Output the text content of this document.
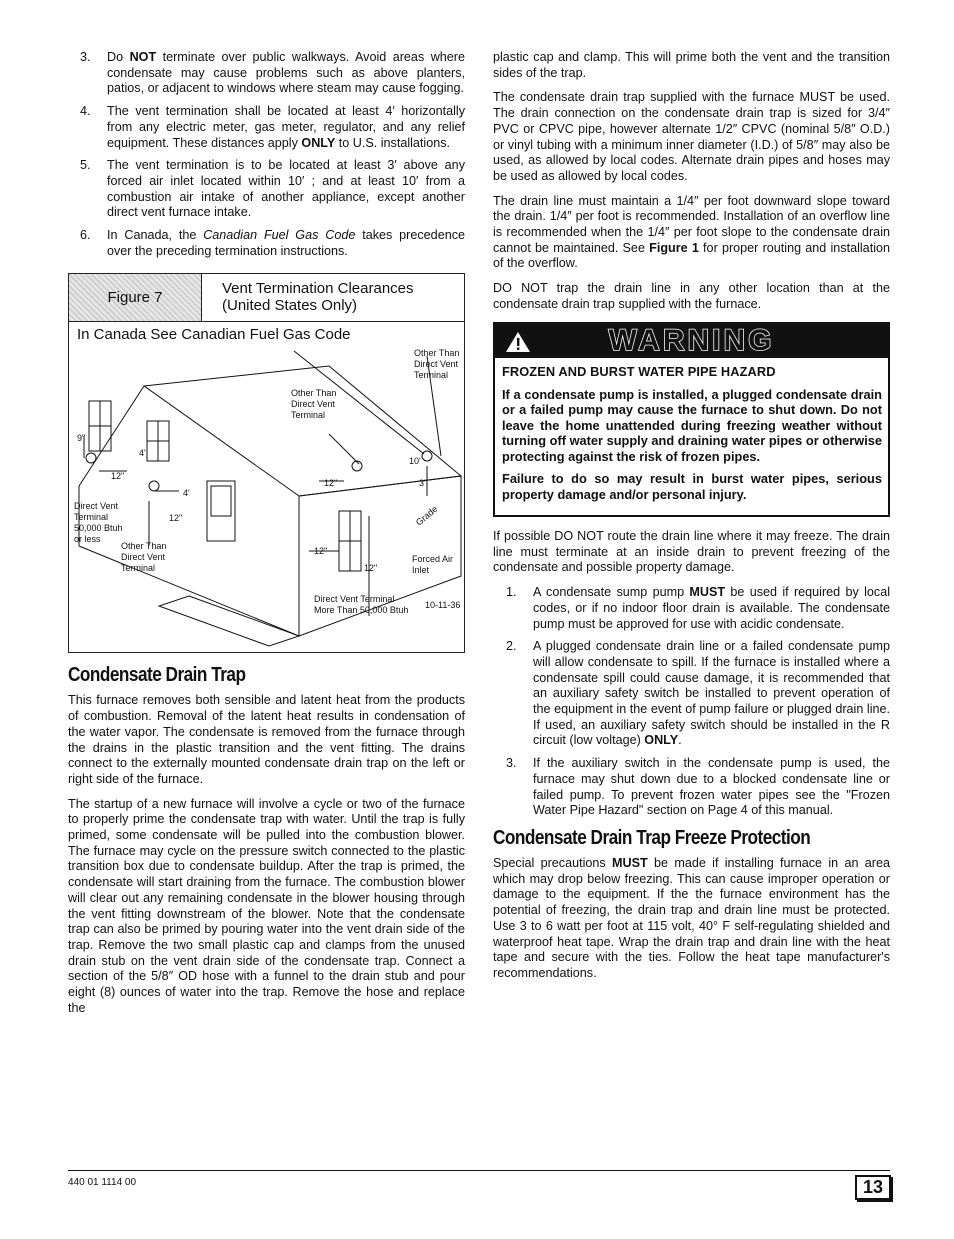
3. Do NOT terminate over public walkways. Avoid areas where condensate may cause problems such as above planters, patios, or adjacent to windows where steam may cause fogging.
4. The vent termination shall be located at least 4′ horizontally from any electric meter, gas meter, regulator, and any relief equipment. These distances apply ONLY to U.S. installations.
5. The vent termination is to be located at least 3′ above any forced air inlet located within 10′ ; and at least 10′ from a combustion air intake of another appliance, except another direct vent furnace intake.
6. In Canada, the Canadian Fuel Gas Code takes precedence over the preceding termination instructions.
Figure 7
Vent Termination Clearances
(United States Only)
In Canada See Canadian Fuel Gas Code
Other Than
Direct Vent
Terminal
Other Than
Direct Vent
Terminal
Direct Vent
Terminal
50,000 Btuh
or less
Other Than
Direct Vent
Terminal
Forced Air
Inlet
Direct Vent Terminal
More Than 50,000 Btuh 10-11-36
Grade
9"
4'
12"
4'
12"
12"
10'
3'
12"
12"
Condensate Drain Trap

This furnace removes both sensible and latent heat from the products of combustion. Removal of the latent heat results in condensation of the water vapor. The condensate is removed from the furnace through the drains in the plastic transition and the vent fitting. The drains connect to the externally mounted condensate drain trap on the left or right side of the furnace.

The startup of a new furnace will involve a cycle or two of the furnace to properly prime the condensate trap with water. Until the trap is fully primed, some condensate will be pulled into the combustion blower. The furnace may cycle on the pressure switch connected to the plastic transition box due to condensate buildup. After the trap is primed, the condensate will start draining from the furnace. The combustion blower will clear out any remaining condensate in the blower housing through the vent fitting downstream of the blower. Note that the condensate trap can also be primed by pouring water into the vent drain side of the trap. Remove the two small plastic cap and clamps from the unused drain stub on the vent drain side of the condensate trap. Connect a section of the 5/8″ OD hose with a funnel to the drain stub and pour eight (8) ounces of water into the trap. Remove the hose and replace the

plastic cap and clamp. This will prime both the vent and the transition sides of the trap.

The condensate drain trap supplied with the furnace MUST be used. The drain connection on the condensate drain trap is sized for 3/4″ PVC or CPVC pipe, however alternate 1/2″ CPVC (nominal 5/8″ O.D.) or vinyl tubing with a minimum inner diameter (I.D.) of 5/8″ may also be used, as allowed by local codes. Alternate drain pipes and hoses may be used as allowed by local codes.

The drain line must maintain a 1/4″ per foot downward slope toward the drain. 1/4″ per foot is recommended. Installation of an overflow line is recommended when the 1/4″ per foot slope to the condensate drain cannot be maintained. See Figure 1 for proper routing and installation of the overflow.

DO NOT trap the drain line in any other location than at the condensate drain trap supplied with the furnace.

WARNING
FROZEN AND BURST WATER PIPE HAZARD

If a condensate pump is installed, a plugged condensate drain or a failed pump may cause the furnace to shut down. Do not leave the home unattended during freezing weather without turning off water supply and draining water pipes or otherwise protecting against the risk of frozen pipes.

Failure to do so may result in burst water pipes, serious property damage and/or personal injury.

If possible DO NOT route the drain line where it may freeze. The drain line must terminate at an inside drain to prevent freezing of the condensate and possible property damage.

1. A condensate sump pump MUST be used if required by local codes, or if no indoor floor drain is available. The condensate pump must be approved for use with acidic condensate.
2. A plugged condensate drain line or a failed condensate pump will allow condensate to spill. If the furnace is installed where a condensate spill could cause damage, it is recommended that an auxiliary safety switch be installed to prevent operation of the equipment in the event of pump failure or plugged drain line. If used, an auxiliary safety switch should be installed in the R circuit (low voltage) ONLY.
3. If the auxiliary switch in the condensate pump is used, the furnace may shut down due to a blocked condensate line or failed pump. To prevent frozen water pipes see the "Frozen Water Pipe Hazard" section on Page 4 of this manual.
Condensate Drain Trap Freeze Protection

Special precautions MUST be made if installing furnace in an area which may drop below freezing. This can cause improper operation or damage to the equipment. If the the furnace environment has the potential of freezing, the drain trap and drain line must be protected. Use 3 to 6 watt per foot at 115 volt, 40° F self-regulating shielded and waterproof heat tape. Wrap the drain trap and drain line with the heat tape and secure with the ties. Follow the heat tape manufacturer's recommendations.

440 01 1114 00	13
